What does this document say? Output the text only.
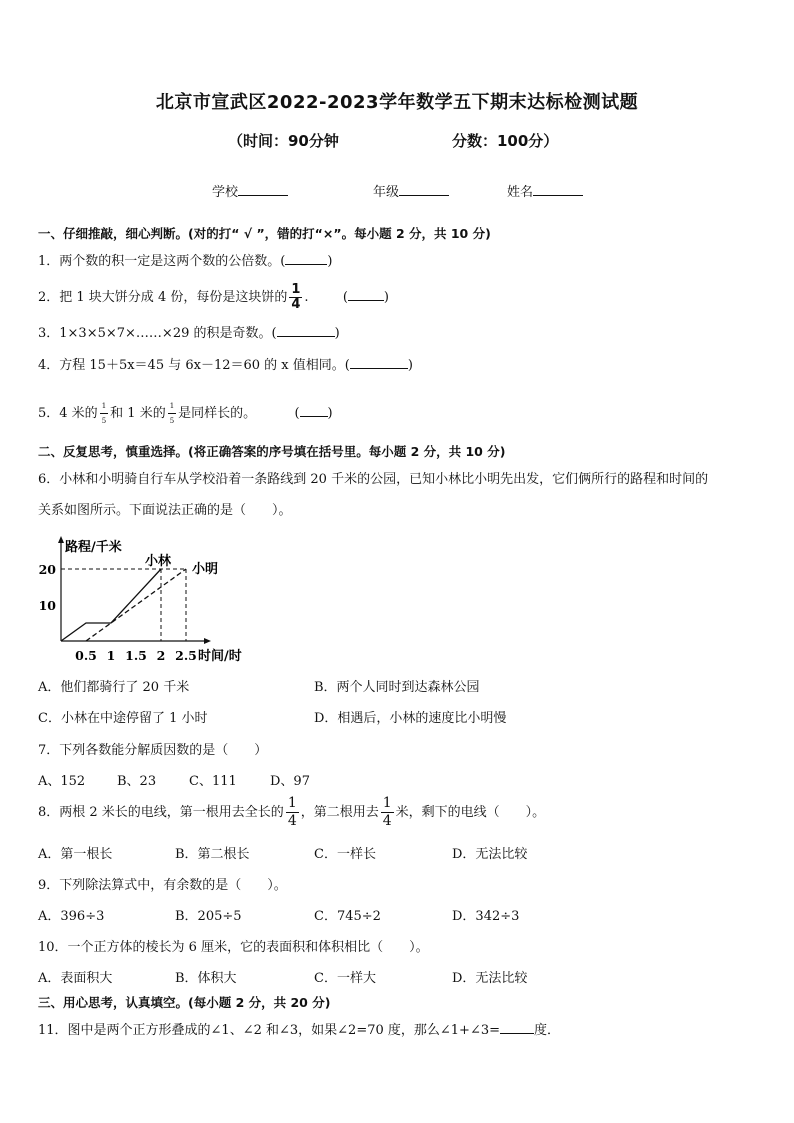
北京市宣武区2022-2023学年数学五下期末达标检测试题
（时间：90分钟	分数：100分）
学校	年级	姓名
一、仔细推敲，细心判断。(对的打“ √ ”，错的打“×”。每小题 2 分，共 10 分)
1．两个数的积一定是这两个数的公倍数。(	)
2．把 1 块大饼分成 4 份，每份是这块饼的 $\frac{1}{4}$ .	(	)
3．1×3×5×7×……×29 的积是奇数。(	)
4．方程 15＋5x＝45 与 6x－12＝60 的 x 值相同。(	)
5．4 米的 $\frac{1}{5}$ 和 1 米的 $\frac{1}{5}$ 是同样长的。	( )
二、反复思考，慎重选择。(将正确答案的序号填在括号里。每小题 2 分，共 10 分)
6．小林和小明骑自行车从学校沿着一条路线到 20 千米的公园，已知小林比小明先出发，它们俩所行的路程和时间的
关系如图所示。下面说法正确的是（　　）。
路程/千米
时间/时
0.5 1 1.5 2 2.5
10
20
小林
小明
A．他们都骑行了 20 千米	B．两个人同时到达森林公园
C．小林在中途停留了 1 小时	D．相遇后，小林的速度比小明慢
7．下列各数能分解质因数的是（　　）
A、152 B、23	C、111	D、97
8．两根 2 米长的电线，第一根用去全长的 $\frac{1}{4}$ ，第二根用去 $\frac{1}{4}$ 米，剩下的电线（　　）。
A．第一根长	B．第二根长	C．一样长	D．无法比较
9．下列除法算式中，有余数的是（　　）。
A．396÷3	B．205÷5	C．745÷2	D．342÷3
10．一个正方体的棱长为 6 厘米，它的表面积和体积相比（　　）。
A．表面积大	B．体积大	C．一样大	D．无法比较
三、用心思考，认真填空。(每小题 2 分，共 20 分)
11．图中是两个正方形叠成的∠1、∠2 和∠3，如果∠2=70 度，那么∠1+∠3=	度．
